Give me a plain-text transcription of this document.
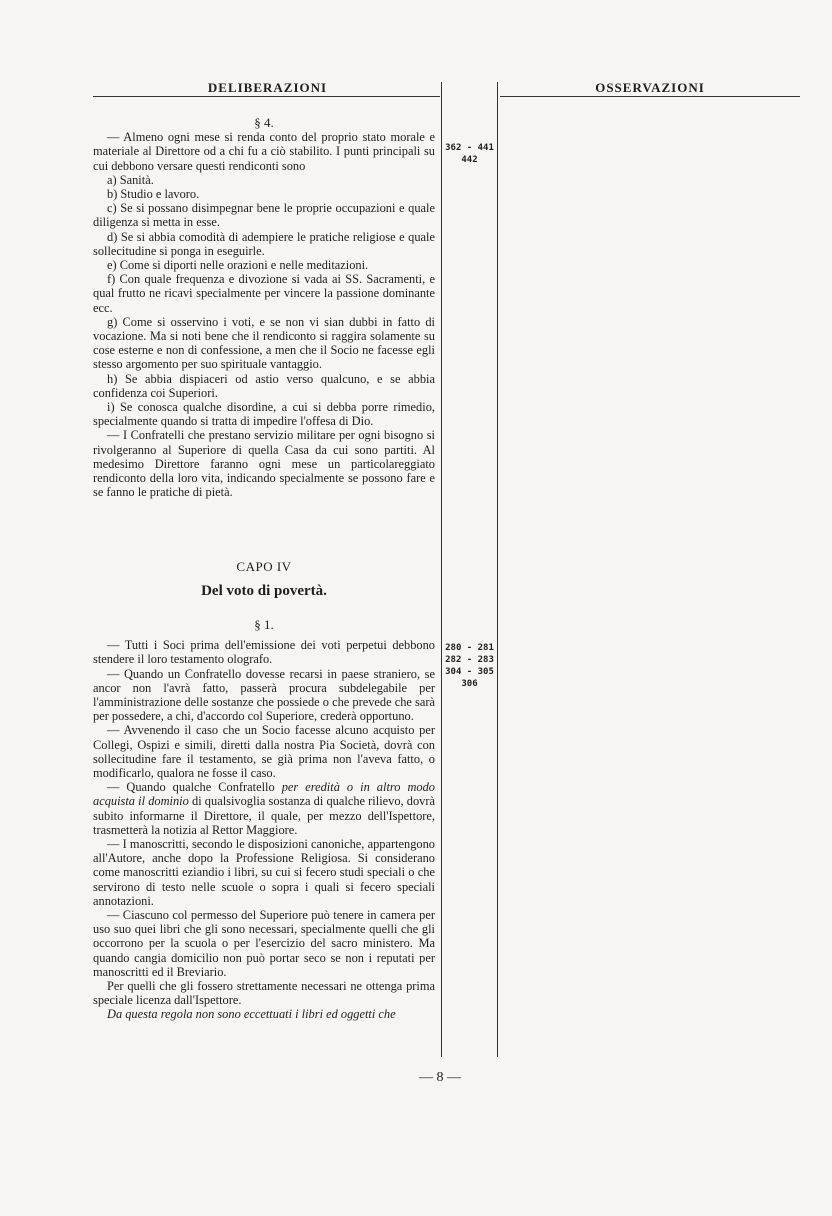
DELIBERAZIONI	OSSERVAZIONI
§ 4.

— Almeno ogni mese si renda conto del proprio stato morale e materiale al Direttore od a chi fu a ciò stabilito. I punti principali su cui debbono versare questi rendiconti sono

a) Sanità.

b) Studio e lavoro.

c) Se si possano disimpegnar bene le proprie occupazioni e quale diligenza si metta in esse.

d) Se si abbia comodità di adempiere le pratiche religiose e quale sollecitudine si ponga in eseguirle.

e) Come si diporti nelle orazioni e nelle meditazioni.

f) Con quale frequenza e divozione si vada ai SS. Sacramenti, e qual frutto ne ricavi specialmente per vincere la passione dominante ecc.

g) Come si osservino i voti, e se non vi sian dubbi in fatto di vocazione. Ma si noti bene che il rendiconto si raggira solamente su cose esterne e non di confessione, a men che il Socio ne facesse egli stesso argomento per suo spirituale vantaggio.

h) Se abbia dispiaceri od astio verso qualcuno, e se abbia confidenza coi Superiori.

i) Se conosca qualche disordine, a cui si debba porre rimedio, specialmente quando si tratta di impedire l'offesa di Dio.

— I Confratelli che prestano servizio militare per ogni bisogno si rivolgeranno al Superiore di quella Casa da cui sono partiti. Al medesimo Direttore faranno ogni mese un particolareggiato rendiconto della loro vita, indicando specialmente se possono fare e se fanno le pratiche di pietà.

362 - 441
442
CAPO IV
Del voto di povertà.
§ 1.

— Tutti i Soci prima dell'emissione dei voti perpetui debbono stendere il loro testamento olografo.

— Quando un Confratello dovesse recarsi in paese straniero, se ancor non l'avrà fatto, passerà procura subdelegabile per l'amministrazione delle sostanze che possiede o che prevede che sarà per possedere, a chi, d'accordo col Superiore, crederà opportuno.

— Avvenendo il caso che un Socio facesse alcuno acquisto per Collegi, Ospizi e simili, diretti dalla nostra Pia Società, dovrà con sollecitudine fare il testamento, se già prima non l'aveva fatto, o modificarlo, qualora ne fosse il caso.

— Quando qualche Confratello per eredità o in altro modo acquista il dominio di qualsivoglia sostanza di qualche rilievo, dovrà subito informarne il Direttore, il quale, per mezzo dell'Ispettore, trasmetterà la notizia al Rettor Maggiore.

— I manoscritti, secondo le disposizioni canoniche, appartengono all'Autore, anche dopo la Professione Religiosa. Si considerano come manoscritti eziandio i libri, su cui si fecero studi speciali o che servirono di testo nelle scuole o sopra i quali si fecero speciali annotazioni.

— Ciascuno col permesso del Superiore può tenere in camera per uso suo quei libri che gli sono necessari, specialmente quelli che gli occorrono per la scuola o per l'esercizio del sacro ministero. Ma quando cangia domicilio non può portar seco se non i reputati per manoscritti ed il Breviario.

Per quelli che gli fossero strettamente necessari ne ottenga prima speciale licenza dall'Ispettore.

Da questa regola non sono eccettuati i libri ed oggetti che

280 - 281
282 - 283
304 - 305
306
— 8 —
